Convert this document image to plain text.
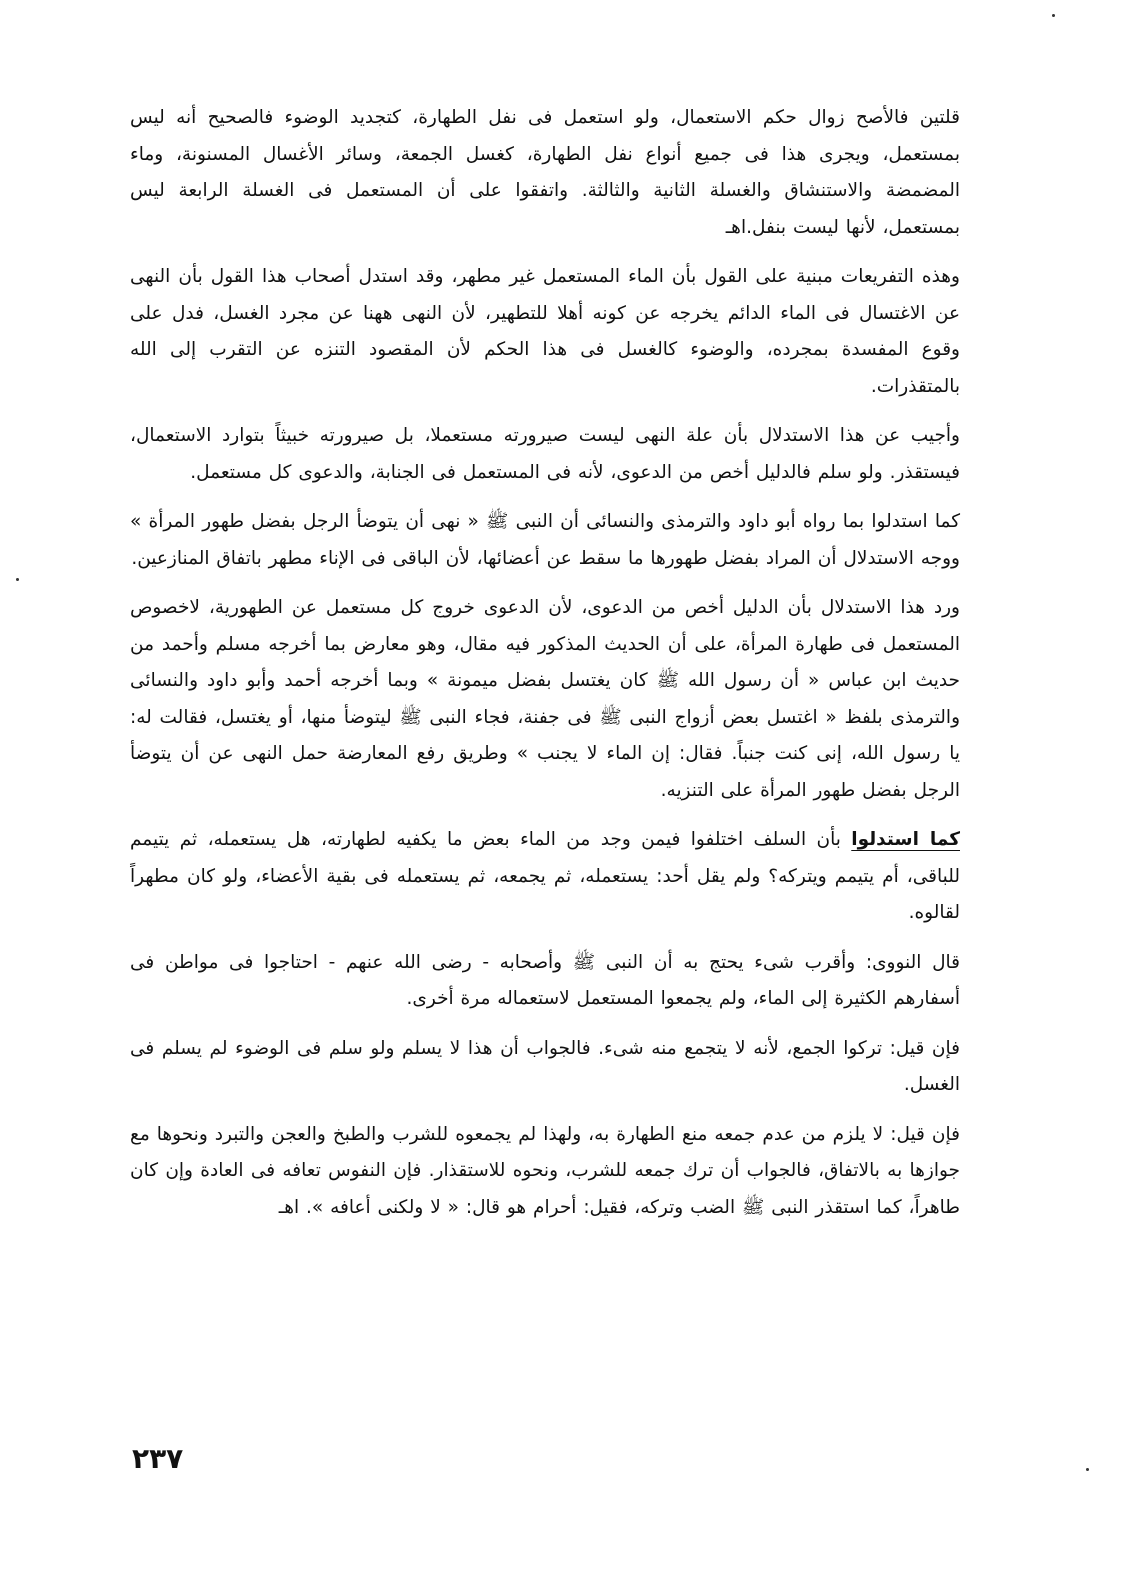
قلتين فالأصح زوال حكم الاستعمال، ولو استعمل فى نفل الطهارة، كتجديد الوضوء فالصحيح أنه ليس بمستعمل، ويجرى هذا فى جميع أنواع نفل الطهارة، كغسل الجمعة، وسائر الأغسال المسنونة، وماء المضمضة والاستنشاق والغسلة الثانية والثالثة. واتفقوا على أن المستعمل فى الغسلة الرابعة ليس بمستعمل، لأنها ليست بنفل.اهـ

وهذه التفريعات مبنية على القول بأن الماء المستعمل غير مطهر، وقد استدل أصحاب هذا القول بأن النهى عن الاغتسال فى الماء الدائم يخرجه عن كونه أهلا للتطهير، لأن النهى ههنا عن مجرد الغسل، فدل على وقوع المفسدة بمجرده، والوضوء كالغسل فى هذا الحكم لأن المقصود التنزه عن التقرب إلى الله بالمتقذرات.

وأجيب عن هذا الاستدلال بأن علة النهى ليست صيرورته مستعملا، بل صيرورته خبيثاً بتوارد الاستعمال، فيستقذر. ولو سلم فالدليل أخص من الدعوى، لأنه فى المستعمل فى الجنابة، والدعوى كل مستعمل.

كما استدلوا بما رواه أبو داود والترمذى والنسائى أن النبى ﷺ « نهى أن يتوضأ الرجل بفضل طهور المرأة » ووجه الاستدلال أن المراد بفضل طهورها ما سقط عن أعضائها، لأن الباقى فى الإناء مطهر باتفاق المنازعين.

ورد هذا الاستدلال بأن الدليل أخص من الدعوى، لأن الدعوى خروج كل مستعمل عن الطهورية، لاخصوص المستعمل فى طهارة المرأة، على أن الحديث المذكور فيه مقال، وهو معارض بما أخرجه مسلم وأحمد من حديث ابن عباس « أن رسول الله ﷺ كان يغتسل بفضل ميمونة » وبما أخرجه أحمد وأبو داود والنسائى والترمذى بلفظ « اغتسل بعض أزواج النبى ﷺ فى جفنة، فجاء النبى ﷺ ليتوضأ منها، أو يغتسل، فقالت له: يا رسول الله، إنى كنت جنباً. فقال: إن الماء لا يجنب » وطريق رفع المعارضة حمل النهى عن أن يتوضأ الرجل بفضل طهور المرأة على التنزيه.

كما استدلوا بأن السلف اختلفوا فيمن وجد من الماء بعض ما يكفيه لطهارته، هل يستعمله، ثم يتيمم للباقى، أم يتيمم ويتركه؟ ولم يقل أحد: يستعمله، ثم يجمعه، ثم يستعمله فى بقية الأعضاء، ولو كان مطهراً لقالوه.

قال النووى: وأقرب شىء يحتج به أن النبى ﷺ وأصحابه - رضى الله عنهم - احتاجوا فى مواطن فى أسفارهم الكثيرة إلى الماء، ولم يجمعوا المستعمل لاستعماله مرة أخرى.

فإن قيل: تركوا الجمع، لأنه لا يتجمع منه شىء. فالجواب أن هذا لا يسلم ولو سلم فى الوضوء لم يسلم فى الغسل.

فإن قيل: لا يلزم من عدم جمعه منع الطهارة به، ولهذا لم يجمعوه للشرب والطبخ والعجن والتبرد ونحوها مع جوازها به بالاتفاق، فالجواب أن ترك جمعه للشرب، ونحوه للاستقذار. فإن النفوس تعافه فى العادة وإن كان طاهراً، كما استقذر النبى ﷺ الضب وتركه، فقيل: أحرام هو قال: « لا ولكنى أعافه ». اهـ

٢٣٧
